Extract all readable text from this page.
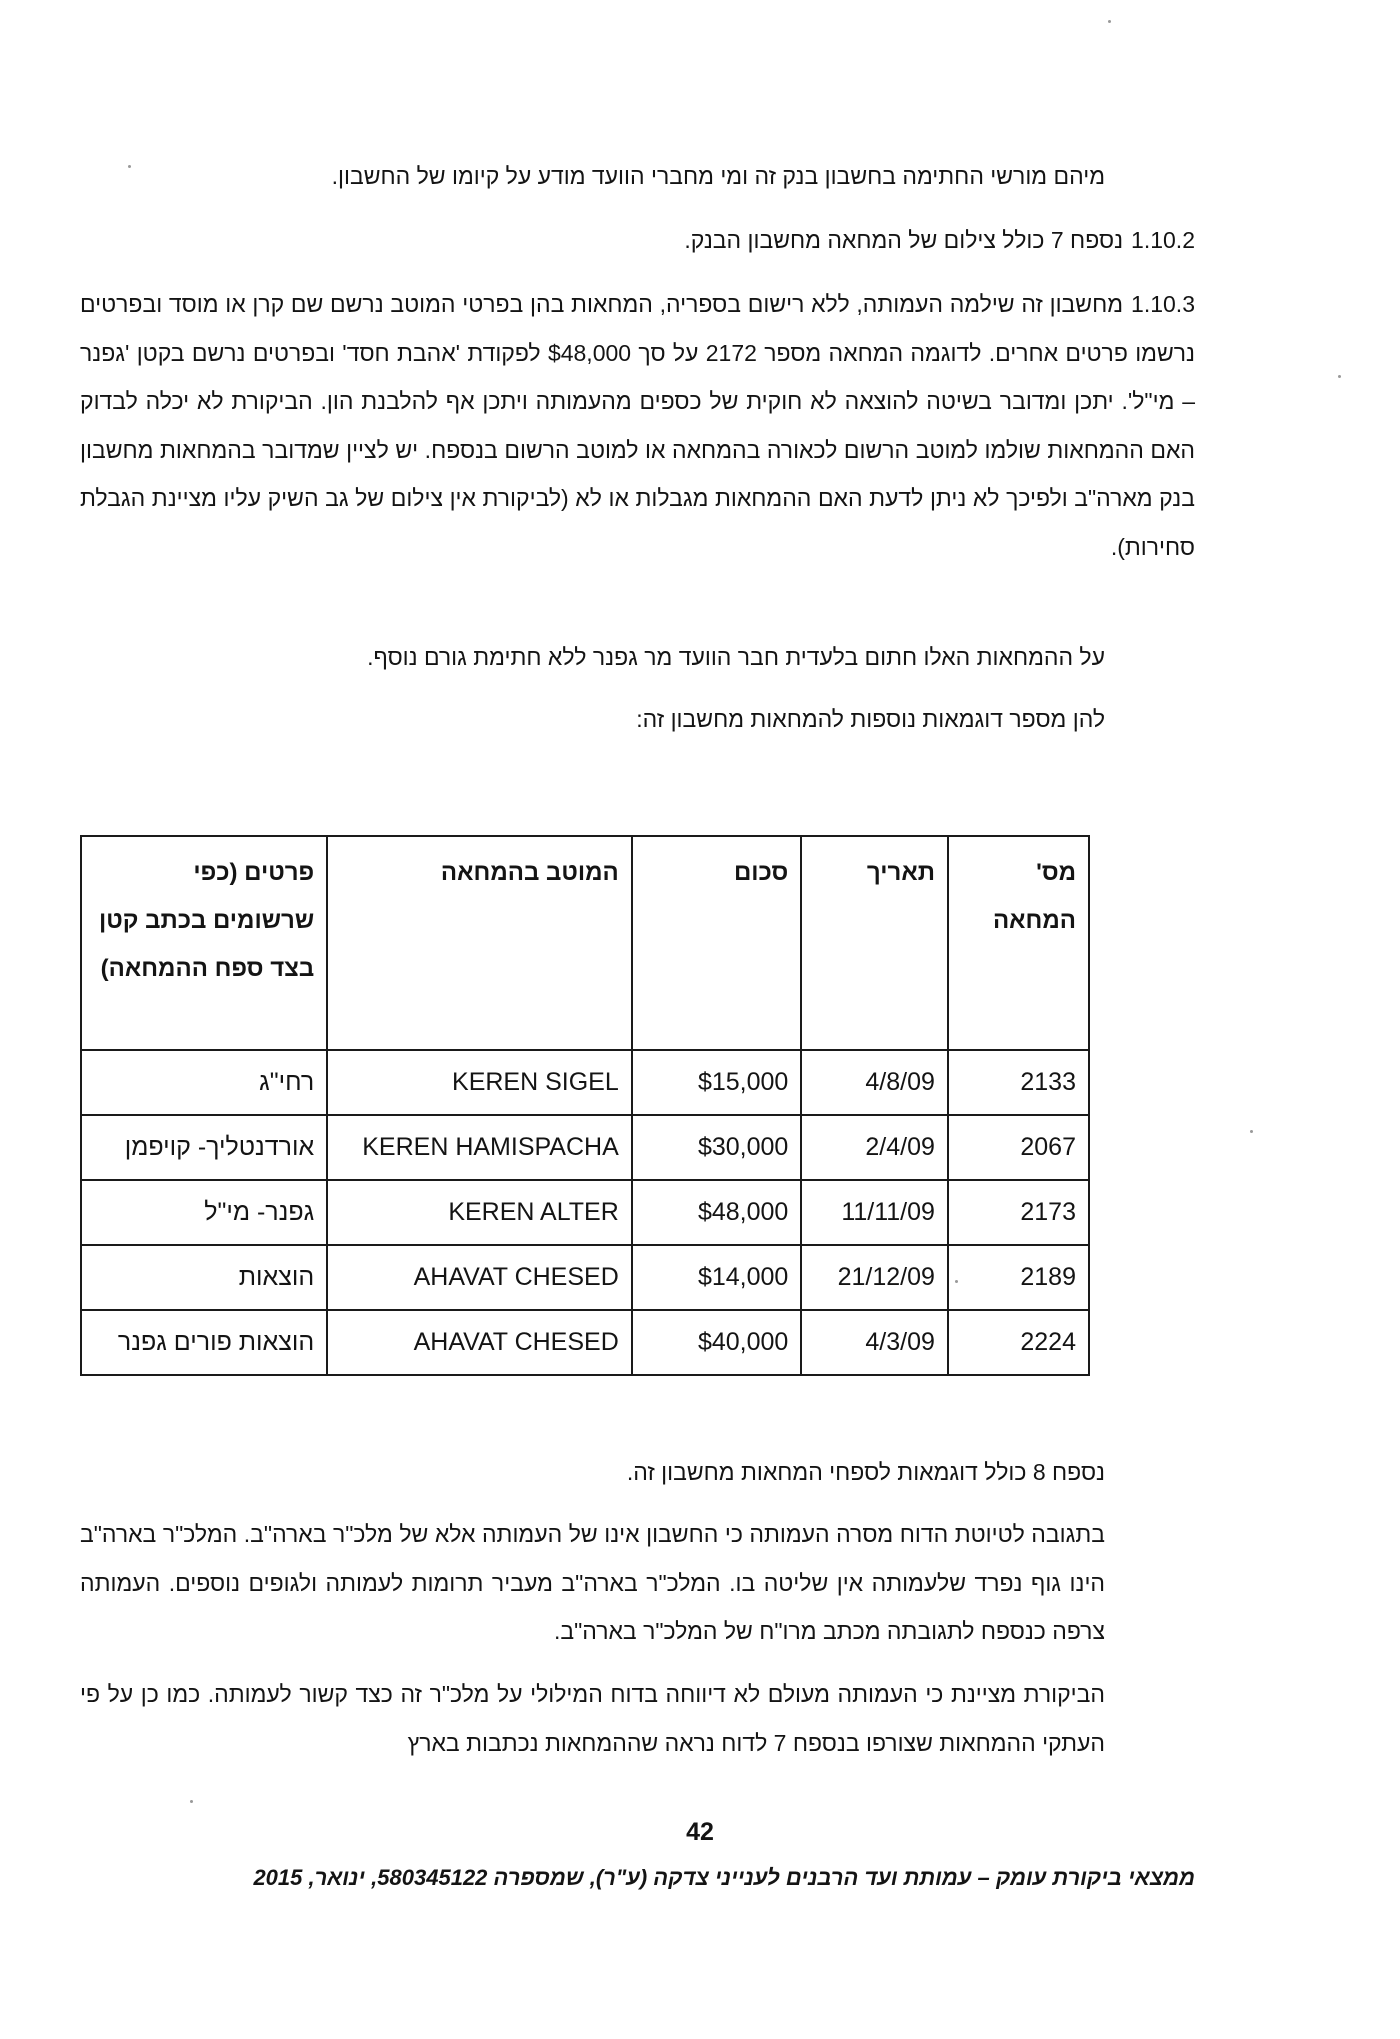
מיהם מורשי החתימה בחשבון בנק זה ומי מחברי הוועד מודע על קיומו של החשבון.
1.10.2נספח 7 כולל צילום של המחאה מחשבון הבנק.
1.10.3מחשבון זה שילמה העמותה, ללא רישום בספריה, המחאות בהן בפרטי המוטב נרשם שם קרן או מוסד ובפרטים נרשמו פרטים אחרים. לדוגמה המחאה מספר 2172 על סך $48,000 לפקודת 'אהבת חסד' ובפרטים נרשם בקטן 'גפנר – מי"ל'. יתכן ומדובר בשיטה להוצאה לא חוקית של כספים מהעמותה ויתכן אף להלבנת הון. הביקורת לא יכלה לבדוק האם ההמחאות שולמו למוטב הרשום לכאורה בהמחאה או למוטב הרשום בנספח. יש לציין שמדובר בהמחאות מחשבון בנק מארה"ב ולפיכך לא ניתן לדעת האם ההמחאות מגבלות או לא (לביקורת אין צילום של גב השיק עליו מציינת הגבלת סחירות).
על ההמחאות האלו חתום בלעדית חבר הוועד מר גפנר ללא חתימת גורם נוסף.
להן מספר דוגמאות נוספות להמחאות מחשבון זה:
מס' המחאה	תאריך	סכום	המוטב בהמחאה	פרטים (כפי שרשומים בכתב קטן בצד ספח ההמחאה)
2133	4/8/09	$15,000	KEREN SIGEL	רחי"ג
2067	2/4/09	$30,000	KEREN HAMISPACHA	אורדנטליך- קויפמן
2173	11/11/09	$48,000	KEREN ALTER	גפנר- מי"ל
2189	21/12/09	$14,000	AHAVAT CHESED	הוצאות
2224	4/3/09	$40,000	AHAVAT CHESED	הוצאות פורים גפנר
נספח 8 כולל דוגמאות לספחי המחאות מחשבון זה.
בתגובה לטיוטת הדוח מסרה העמותה כי החשבון אינו של העמותה אלא של מלכ"ר בארה"ב. המלכ"ר בארה"ב הינו גוף נפרד שלעמותה אין שליטה בו. המלכ"ר בארה"ב מעביר תרומות לעמותה ולגופים נוספים. העמותה צרפה כנספח לתגובתה מכתב מרו"ח של המלכ"ר בארה"ב.
הביקורת מציינת כי העמותה מעולם לא דיווחה בדוח המילולי על מלכ"ר זה כצד קשור לעמותה. כמו כן על פי העתקי ההמחאות שצורפו בנספח 7 לדוח נראה שההמחאות נכתבות בארץ
42
ממצאי ביקורת עומק – עמותת ועד הרבנים לענייני צדקה (ע"ר), שמספרה 580345122, ינואר, 2015
